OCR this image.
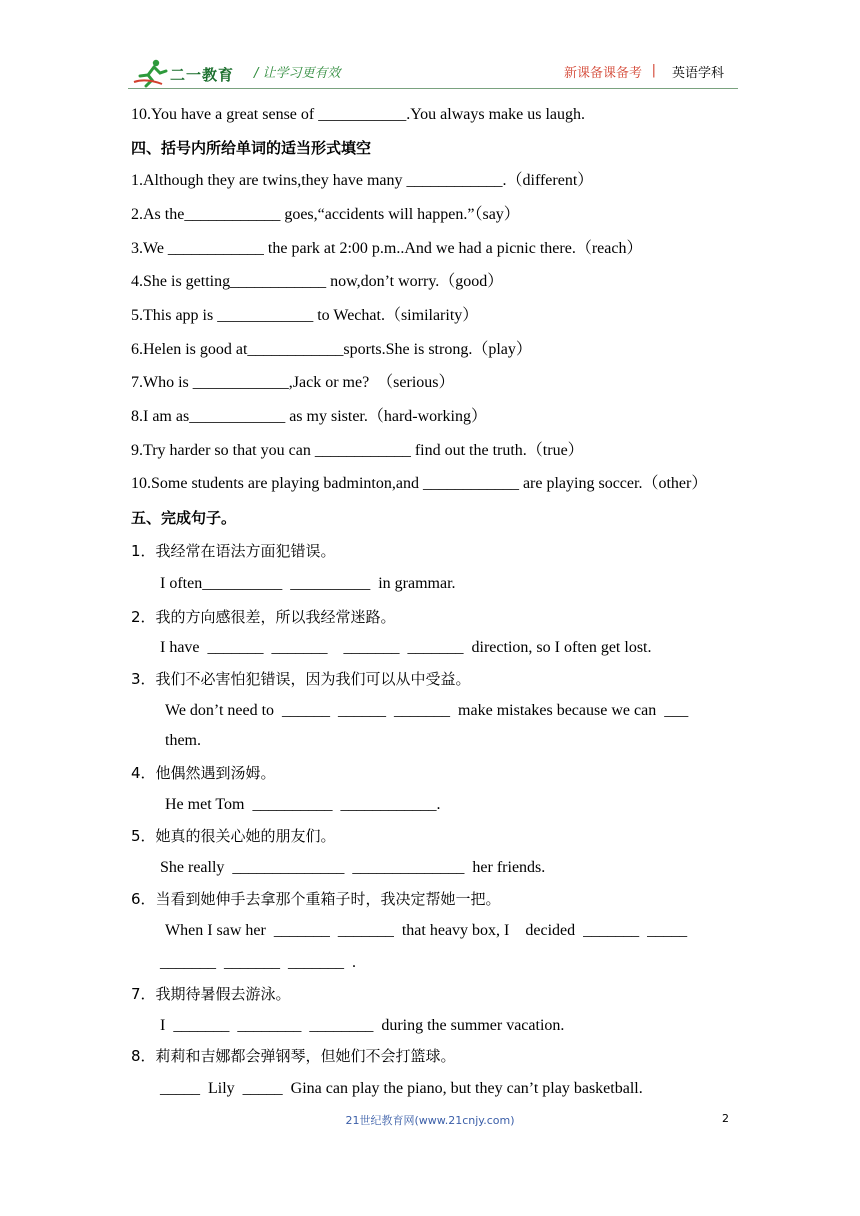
二一教育 / 让学习更有效	新课备课备考 | 英语学科
10.You have a great sense of ___________.You always make us laugh.
四、括号内所给单词的适当形式填空
1.Although they are twins,they have many ____________.（different）
2.As the____________ goes,“accidents will happen.”（say）
3.We ____________ the park at 2:00 p.m..And we had a picnic there.（reach）
4.She is getting____________ now,don’t worry.（good）
5.This app is ____________ to Wechat.（similarity）
6.Helen is good at____________sports.She is strong.（play）
7.Who is ____________,Jack or me?  （serious）
8.I am as____________ as my sister.（hard-working）
9.Try harder so that you can ____________ find out the truth.（true）
10.Some students are playing badminton,and ____________ are playing soccer.（other）
五、完成句子。
1．我经常在语法方面犯错误。
I often__________  __________  in grammar.
2．我的方向感很差，所以我经常迷路。
I have  _______  _______    _______  _______  direction, so I often get lost.
3．我们不必害怕犯错误，因为我们可以从中受益。
We don’t need to  ______  ______  _______  make mistakes because we can  ___
them.
4．他偶然遇到汤姆。
He met Tom  __________  ____________.
5．她真的很关心她的朋友们。
She really  ______________  ______________  her friends.
6．当看到她伸手去拿那个重箱子时，我决定帮她一把。
When I saw her  _______  _______  that heavy box, I    decided  _______  _____
_______  _______  _______  .
7．我期待暑假去游泳。
I  _______  ________  ________  during the summer vacation.
8．莉莉和吉娜都会弹钢琴，但她们不会打篮球。
_____  Lily  _____  Gina can play the piano, but they can’t play basketball.
21世纪教育网(www.21cnjy.com)	2
